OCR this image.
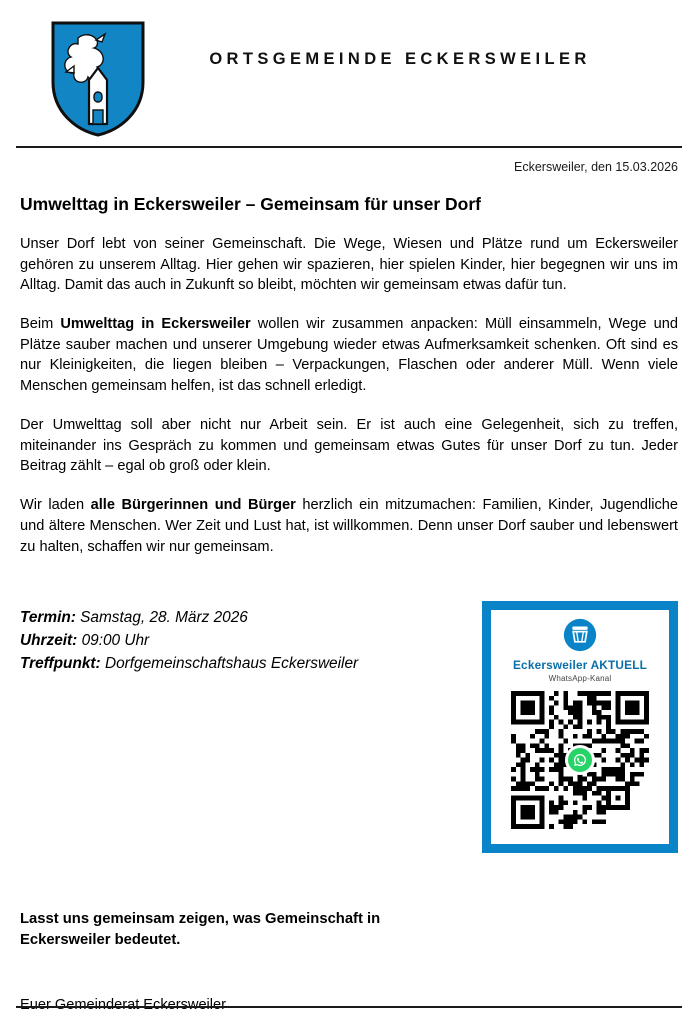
ORTSGEMEINDE ECKERSWEILER
Eckersweiler, den 15.03.2026
Umwelttag in Eckersweiler – Gemeinsam für unser Dorf

Unser Dorf lebt von seiner Gemeinschaft. Die Wege, Wiesen und Plätze rund um Eckersweiler gehören zu unserem Alltag. Hier gehen wir spazieren, hier spielen Kinder, hier begegnen wir uns im Alltag. Damit das auch in Zukunft so bleibt, möchten wir gemeinsam etwas dafür tun.

Beim Umwelttag in Eckersweiler wollen wir zusammen anpacken: Müll einsammeln, Wege und Plätze sauber machen und unserer Umgebung wieder etwas Aufmerksamkeit schenken. Oft sind es nur Kleinigkeiten, die liegen bleiben – Verpackungen, Flaschen oder anderer Müll. Wenn viele Menschen gemeinsam helfen, ist das schnell erledigt.

Der Umwelttag soll aber nicht nur Arbeit sein. Er ist auch eine Gelegenheit, sich zu treffen, miteinander ins Gespräch zu kommen und gemeinsam etwas Gutes für unser Dorf zu tun. Jeder Beitrag zählt – egal ob groß oder klein.

Wir laden alle Bürgerinnen und Bürger herzlich ein mitzumachen: Familien, Kinder, Jugendliche und ältere Menschen. Wer Zeit und Lust hat, ist willkommen. Denn unser Dorf sauber und lebenswert zu halten, schaffen wir nur gemeinsam.

Termin: Samstag, 28. März 2026
Uhrzeit: 09:00 Uhr
Treffpunkt: Dorfgemeinschaftshaus Eckersweiler	Eckersweiler AKTUELL
WhatsApp-Kanal
Lasst uns gemeinsam zeigen, was Gemeinschaft in Eckersweiler bedeutet.
